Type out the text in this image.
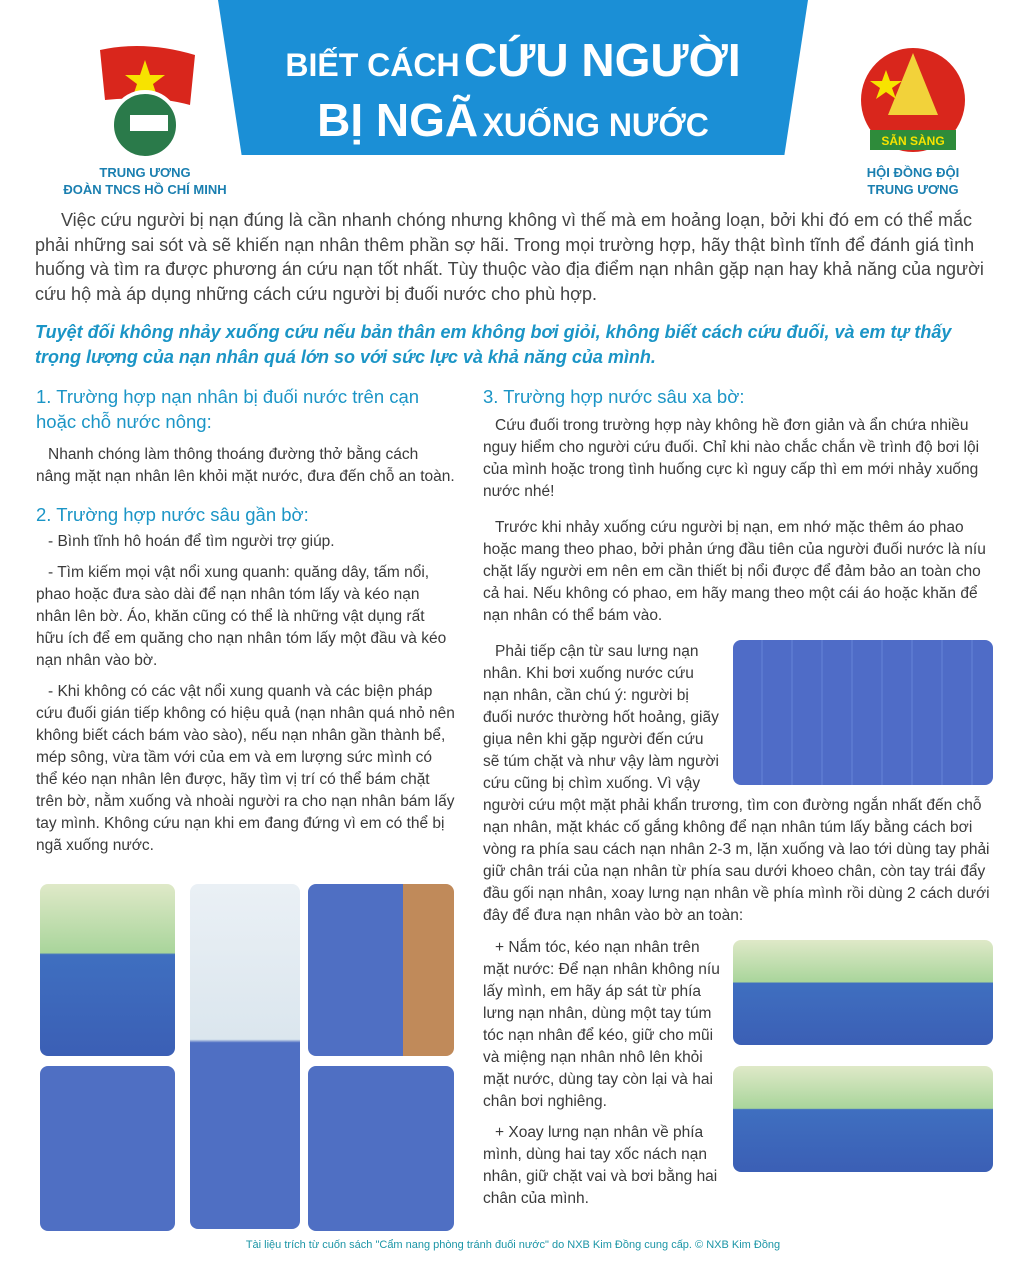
BIẾT CÁCH CỨU NGƯỜI
BỊ NGÃ XUỐNG NƯỚC
TRUNG ƯƠNG
ĐOÀN TNCS HỒ CHÍ MINH
SẴN SÀNG
HỘI ĐỒNG ĐỘI
TRUNG ƯƠNG

Việc cứu người bị nạn đúng là cần nhanh chóng nhưng không vì thế mà em hoảng loạn, bởi khi đó em có thể mắc phải những sai sót và sẽ khiến nạn nhân thêm phần sợ hãi. Trong mọi trường hợp, hãy thật bình tĩnh để đánh giá tình huống và tìm ra được phương án cứu nạn tốt nhất. Tùy thuộc vào địa điểm nạn nhân gặp nạn hay khả năng của người cứu hộ mà áp dụng những cách cứu người bị đuối nước cho phù hợp.

Tuyệt đối không nhảy xuống cứu nếu bản thân em không bơi giỏi, không biết cách cứu đuối, và em tự thấy trọng lượng của nạn nhân quá lớn so với sức lực và khả năng của mình.

1. Trường hợp nạn nhân bị đuối nước trên cạn hoặc chỗ nước nông:

Nhanh chóng làm thông thoáng đường thở bằng cách nâng mặt nạn nhân lên khỏi mặt nước, đưa đến chỗ an toàn.

2. Trường hợp nước sâu gần bờ:

- Bình tĩnh hô hoán để tìm người trợ giúp.

- Tìm kiếm mọi vật nổi xung quanh: quăng dây, tấm nổi, phao hoặc đưa sào dài để nạn nhân tóm lấy và kéo nạn nhân lên bờ. Áo, khăn cũng có thể là những vật dụng rất hữu ích để em quăng cho nạn nhân tóm lấy một đầu và kéo nạn nhân vào bờ.

- Khi không có các vật nổi xung quanh và các biện pháp cứu đuối gián tiếp không có hiệu quả (nạn nhân quá nhỏ nên không biết cách bám vào sào), nếu nạn nhân gần thành bể, mép sông, vừa tầm với của em và em lượng sức mình có thể kéo nạn nhân lên được, hãy tìm vị trí có thể bám chặt trên bờ, nằm xuống và nhoài người ra cho nạn nhân bám lấy tay mình. Không cứu nạn khi em đang đứng vì em có thể bị ngã xuống nước.

3. Trường hợp nước sâu xa bờ:

Cứu đuối trong trường hợp này không hề đơn giản và ẩn chứa nhiều nguy hiểm cho người cứu đuối. Chỉ khi nào chắc chắn về trình độ bơi lội của mình hoặc trong tình huống cực kì nguy cấp thì em mới nhảy xuống nước nhé!

Trước khi nhảy xuống cứu người bị nạn, em nhớ mặc thêm áo phao hoặc mang theo phao, bởi phản ứng đầu tiên của người đuối nước là níu chặt lấy người em nên em cần thiết bị nổi được để đảm bảo an toàn cho cả hai. Nếu không có phao, em hãy mang theo một cái áo hoặc khăn để nạn nhân có thể bám vào.

Phải tiếp cận từ sau lưng nạn nhân. Khi bơi xuống nước cứu nạn nhân, cần chú ý: người bị đuối nước thường hốt hoảng, giãy giụa nên khi gặp người đến cứu sẽ túm chặt và như vậy làm người cứu cũng bị chìm xuống. Vì vậy người cứu một mặt phải khẩn trương, tìm con đường ngắn nhất đến chỗ nạn nhân, mặt khác cố gắng không để nạn nhân túm lấy bằng cách bơi vòng ra phía sau cách nạn nhân 2-3 m, lặn xuống và lao tới dùng tay phải giữ chân trái của nạn nhân từ phía sau dưới khoeo chân, còn tay trái đẩy đầu gối nạn nhân, xoay lưng nạn nhân về phía mình rồi dùng 2 cách dưới đây để đưa nạn nhân vào bờ an toàn:

+ Nắm tóc, kéo nạn nhân trên mặt nước: Để nạn nhân không níu lấy mình, em hãy áp sát từ phía lưng nạn nhân, dùng một tay túm tóc nạn nhân để kéo, giữ cho mũi và miệng nạn nhân nhô lên khỏi mặt nước, dùng tay còn lại và hai chân bơi nghiêng.

+ Xoay lưng nạn nhân về phía mình, dùng hai tay xốc nách nạn nhân, giữ chặt vai và bơi bằng hai chân của mình.

Tài liệu trích từ cuốn sách "Cẩm nang phòng tránh đuối nước" do NXB Kim Đồng cung cấp. © NXB Kim Đồng
